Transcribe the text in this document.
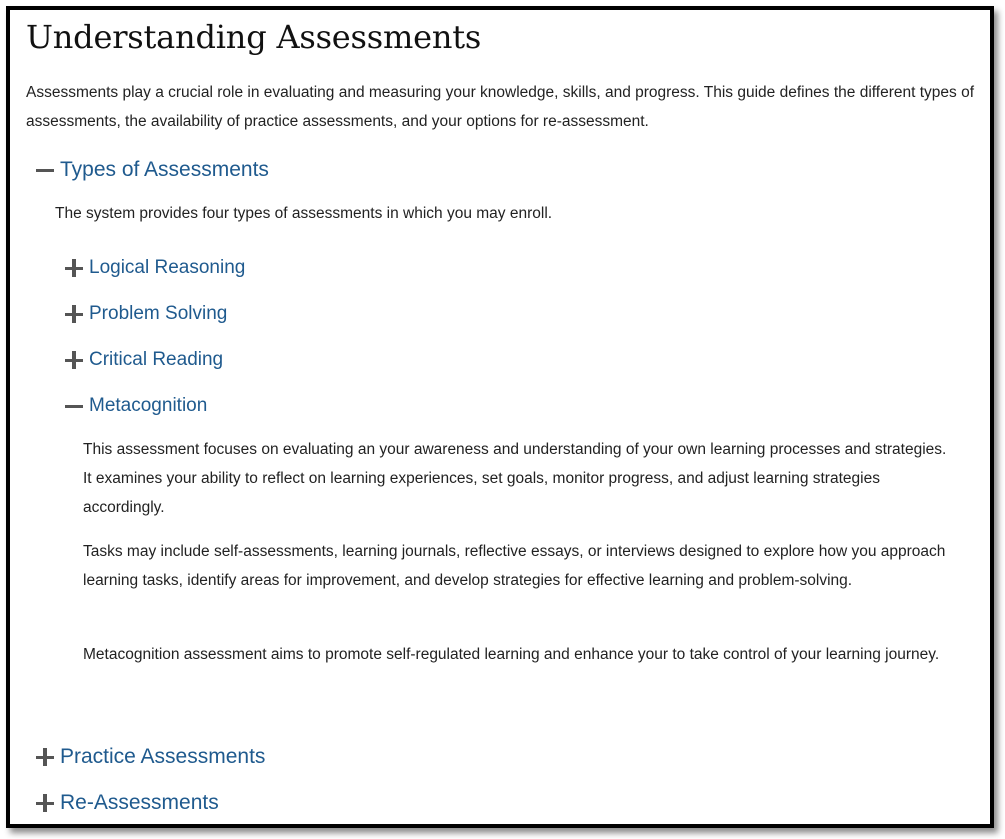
Understanding Assessments

Assessments play a crucial role in evaluating and measuring your knowledge, skills, and progress. This guide defines the different types of assessments, the availability of practice assessments, and your options for re-assessment.

Types of Assessments

The system provides four types of assessments in which you may enroll.

Logical Reasoning
Problem Solving
Critical Reading
Metacognition

This assessment focuses on evaluating an your awareness and understanding of your own learning processes and strategies. It examines your ability to reflect on learning experiences, set goals, monitor progress, and adjust learning strategies accordingly.

Tasks may include self-assessments, learning journals, reflective essays, or interviews designed to explore how you approach learning tasks, identify areas for improvement, and develop strategies for effective learning and problem-solving.

Metacognition assessment aims to promote self-regulated learning and enhance your to take control of your learning journey.

Practice Assessments
Re-Assessments
